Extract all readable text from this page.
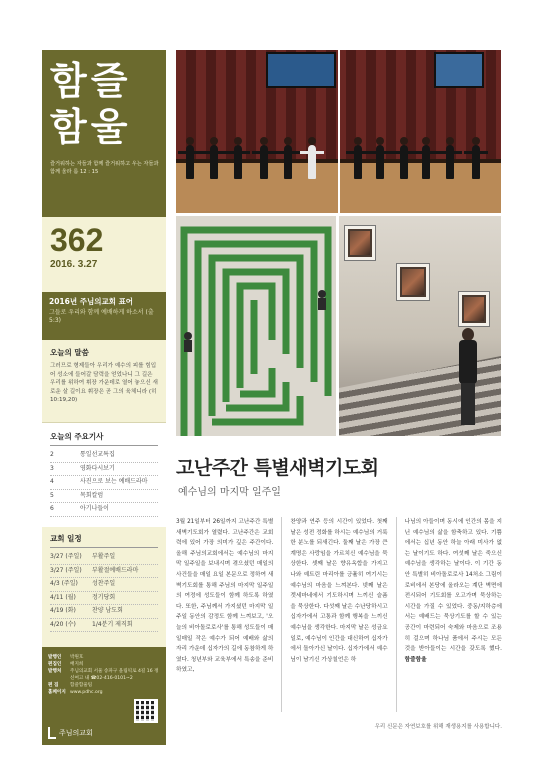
함즐
함울
즐거워하는 자들과 함께 즐거워하고 우는 자들과 함께 울라 롬 12 : 15
362
2016. 3.27
2016년 주님의교회 표어
그들로 우리와 함께 예배하게 하소서 (출 5:3)
오늘의 말씀
그러므로 형제들아 우리가 예수의 피를 힘입어 성소에 들어갈 담력을 얻었나니 그 길은 우리를 위하여 휘장 가운데로 열어 놓으신 새로운 살 길이요 휘장은 곧 그의 육체니라 (히 10:19,20)
오늘의 주요기사
2	통일선교특집
3	영화다시보기
4	사진으로 보는 예배드라마
5	목회칼럼
6	아기나들이
교회 일정
3/27 (주일)	부활주일
3/27 (주일)	부활절예배드라마
4/3 (주일)	성찬주일
4/11 (월)	정기당회
4/19 (화)	찬양 남도회
4/20 (수)	1/4분기 제직회
발행인	박원호
편집인	배지희
발행처	주님의교회 서울 송파구 올림픽로 4길 16 정신여고 내 ☎02-416-0101~2
편 집	함즐함울팀
홈페이지 www.pdhc.org
주님의교회
고난주간 특별새벽기도회
예수님의 마지막 일주일
3월 21일부터 26일까지 고난주간 특별새벽기도회가 열렸다. 고난주간은 교회력에 있어 가장 의미가 깊은 주간이다. 올해 주님의교회에서는 예수님의 마지막 일주일을 보내시며 겪으셨던 매일의 사건들을 매일 요일 본문으로 정하여 새벽기도회를 통해 주님의 마지막 일주일의 여정에 성도들이 함께 하도록 하였다. 또한, 주님께서 가지셨던 마지막 일주일 동안의 감정도 함께 느껴보고, '오늘의 비아돌로로사'를 통해 성도들이 매일매일 작은 예수가 되어 예배와 삶의 자리 가운데 십자가의 길에 동참하게 하였다. 청년부와 교육부에서 특송을 준비하였고,
찬양과 연주 등의 시간이 있었다. 첫째 날은 성전 정화를 하시는 예수님의 거룩한 분노를 되새긴다. 둘째 날은 가장 큰 계명은 사랑임을 가르치신 예수님을 묵상한다. 셋째 날은 향유옥합을 가지고 나와 예트린 마리아를 긍휼히 여기시는 예수님의 마음을 느껴본다. 넷째 날은 겟세마네에서 기도하시며 느끼신 슬픔을 묵상한다. 다섯째 날은 수난당하시고 십자가에서 고통과 함께 행복을 느끼신 예수님을 생각한다. 마지막 날은 성금요일로, 예수님이 인간을 대신하여 십자가에서 돌아가신 날이다. 십자가에서 예수님이 남기신 가상칠언은 하
나님의 아들이며 동시에 인간의 몸을 지닌 예수님의 삶을 함축하고 있다. 기쁨에서는 십년 동안 하늘 아래 미사가 없는 날이기도 하다. 여섯째 날은 죽으신 예수님을 생각하는 날이다. 이 기간 동안 특별히 비아돌로로사 14처소 그림이 로비에서 본당에 올라오는 계단 벽면에 전시되어 기도회를 오고가며 묵상하는 시간을 가질 수 있었다. 중동/지하층에서는 예배드는 묵상기도를 할 수 있는 공간이 마련되어 숙제와 마음으로 조용히 걸으며 하나님 품에서 주시는 모든 것을 받아들이는 시간을 갖도록 했다. 함즐함울
우리 신문은 자연보호를 위해 재생용지를 사용합니다.
